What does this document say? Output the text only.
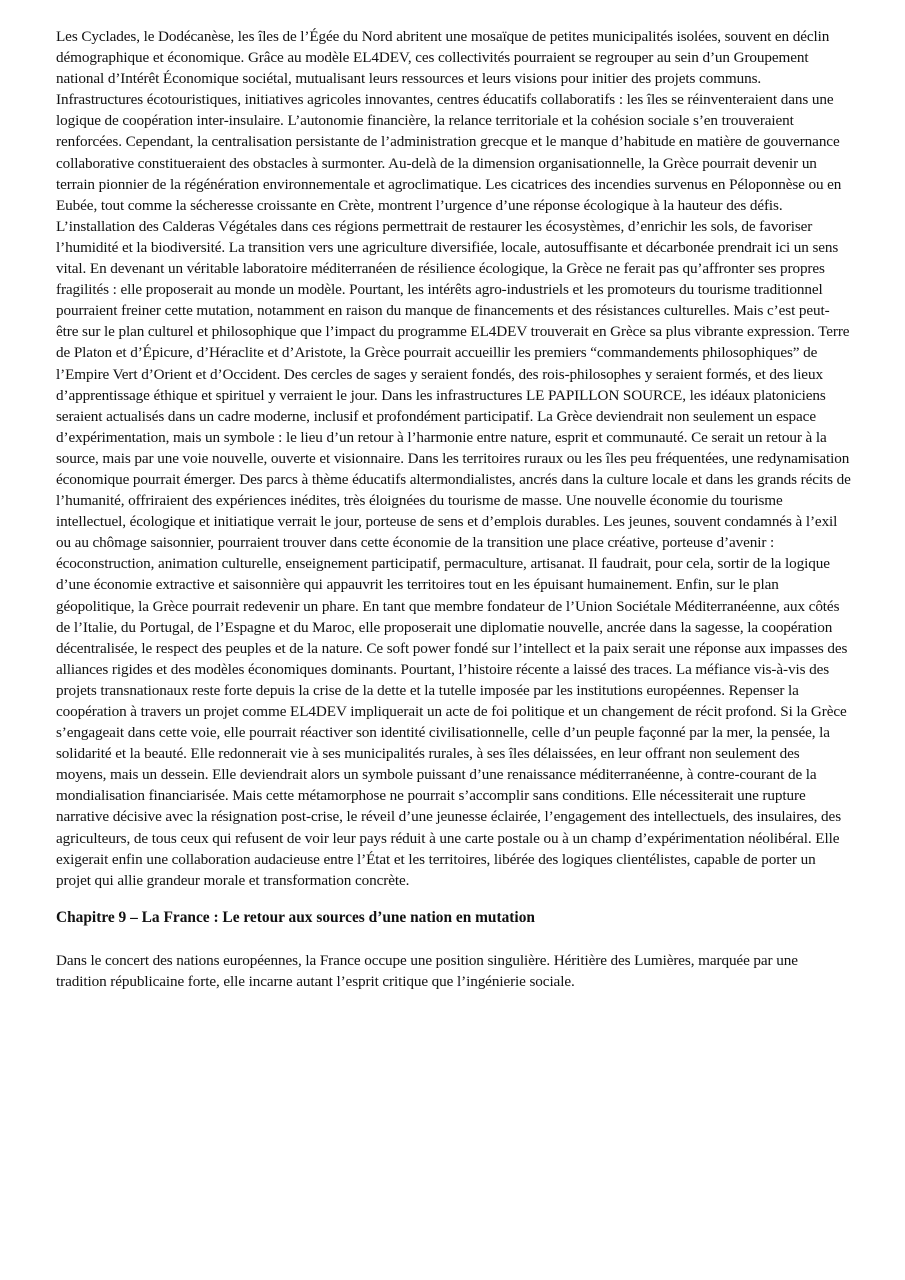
Les Cyclades, le Dodécanèse, les îles de l’Égée du Nord abritent une mosaïque de petites municipalités isolées, souvent en déclin démographique et économique. Grâce au modèle EL4DEV, ces collectivités pourraient se regrouper au sein d’un Groupement national d’Intérêt Économique sociétal, mutualisant leurs ressources et leurs visions pour initier des projets communs. Infrastructures écotouristiques, initiatives agricoles innovantes, centres éducatifs collaboratifs : les îles se réinventeraient dans une logique de coopération inter-insulaire. L’autonomie financière, la relance territoriale et la cohésion sociale s’en trouveraient renforcées. Cependant, la centralisation persistante de l’administration grecque et le manque d’habitude en matière de gouvernance collaborative constitueraient des obstacles à surmonter. Au-delà de la dimension organisationnelle, la Grèce pourrait devenir un terrain pionnier de la régénération environnementale et agroclimatique. Les cicatrices des incendies survenus en Péloponnèse ou en Eubée, tout comme la sécheresse croissante en Crète, montrent l’urgence d’une réponse écologique à la hauteur des défis. L’installation des Calderas Végétales dans ces régions permettrait de restaurer les écosystèmes, d’enrichir les sols, de favoriser l’humidité et la biodiversité. La transition vers une agriculture diversifiée, locale, autosuffisante et décarbonée prendrait ici un sens vital. En devenant un véritable laboratoire méditerranéen de résilience écologique, la Grèce ne ferait pas qu’affronter ses propres fragilités : elle proposerait au monde un modèle. Pourtant, les intérêts agro-industriels et les promoteurs du tourisme traditionnel pourraient freiner cette mutation, notamment en raison du manque de financements et des résistances culturelles. Mais c’est peut-être sur le plan culturel et philosophique que l’impact du programme EL4DEV trouverait en Grèce sa plus vibrante expression. Terre de Platon et d’Épicure, d’Héraclite et d’Aristote, la Grèce pourrait accueillir les premiers “commandements philosophiques” de l’Empire Vert d’Orient et d’Occident. Des cercles de sages y seraient fondés, des rois-philosophes y seraient formés, et des lieux d’apprentissage éthique et spirituel y verraient le jour. Dans les infrastructures LE PAPILLON SOURCE, les idéaux platoniciens seraient actualisés dans un cadre moderne, inclusif et profondément participatif. La Grèce deviendrait non seulement un espace d’expérimentation, mais un symbole : le lieu d’un retour à l’harmonie entre nature, esprit et communauté. Ce serait un retour à la source, mais par une voie nouvelle, ouverte et visionnaire. Dans les territoires ruraux ou les îles peu fréquentées, une redynamisation économique pourrait émerger. Des parcs à thème éducatifs altermondialistes, ancrés dans la culture locale et dans les grands récits de l’humanité, offriraient des expériences inédites, très éloignées du tourisme de masse. Une nouvelle économie du tourisme intellectuel, écologique et initiatique verrait le jour, porteuse de sens et d’emplois durables. Les jeunes, souvent condamnés à l’exil ou au chômage saisonnier, pourraient trouver dans cette économie de la transition une place créative, porteuse d’avenir : écoconstruction, animation culturelle, enseignement participatif, permaculture, artisanat. Il faudrait, pour cela, sortir de la logique d’une économie extractive et saisonnière qui appauvrit les territoires tout en les épuisant humainement. Enfin, sur le plan géopolitique, la Grèce pourrait redevenir un phare. En tant que membre fondateur de l’Union Sociétale Méditerranéenne, aux côtés de l’Italie, du Portugal, de l’Espagne et du Maroc, elle proposerait une diplomatie nouvelle, ancrée dans la sagesse, la coopération décentralisée, le respect des peuples et de la nature. Ce soft power fondé sur l’intellect et la paix serait une réponse aux impasses des alliances rigides et des modèles économiques dominants. Pourtant, l’histoire récente a laissé des traces. La méfiance vis-à-vis des projets transnationaux reste forte depuis la crise de la dette et la tutelle imposée par les institutions européennes. Repenser la coopération à travers un projet comme EL4DEV impliquerait un acte de foi politique et un changement de récit profond. Si la Grèce s’engageait dans cette voie, elle pourrait réactiver son identité civilisationnelle, celle d’un peuple façonné par la mer, la pensée, la solidarité et la beauté. Elle redonnerait vie à ses municipalités rurales, à ses îles délaissées, en leur offrant non seulement des moyens, mais un dessein. Elle deviendrait alors un symbole puissant d’une renaissance méditerranéenne, à contre-courant de la mondialisation financiarisée. Mais cette métamorphose ne pourrait s’accomplir sans conditions. Elle nécessiterait une rupture narrative décisive avec la résignation post-crise, le réveil d’une jeunesse éclairée, l’engagement des intellectuels, des insulaires, des agriculteurs, de tous ceux qui refusent de voir leur pays réduit à une carte postale ou à un champ d’expérimentation néolibéral. Elle exigerait enfin une collaboration audacieuse entre l’État et les territoires, libérée des logiques clientélistes, capable de porter un projet qui allie grandeur morale et transformation concrète.

Chapitre 9 – La France : Le retour aux sources d’une nation en mutation

Dans le concert des nations européennes, la France occupe une position singulière. Héritière des Lumières, marquée par une tradition républicaine forte, elle incarne autant l’esprit critique que l’ingénierie sociale.
